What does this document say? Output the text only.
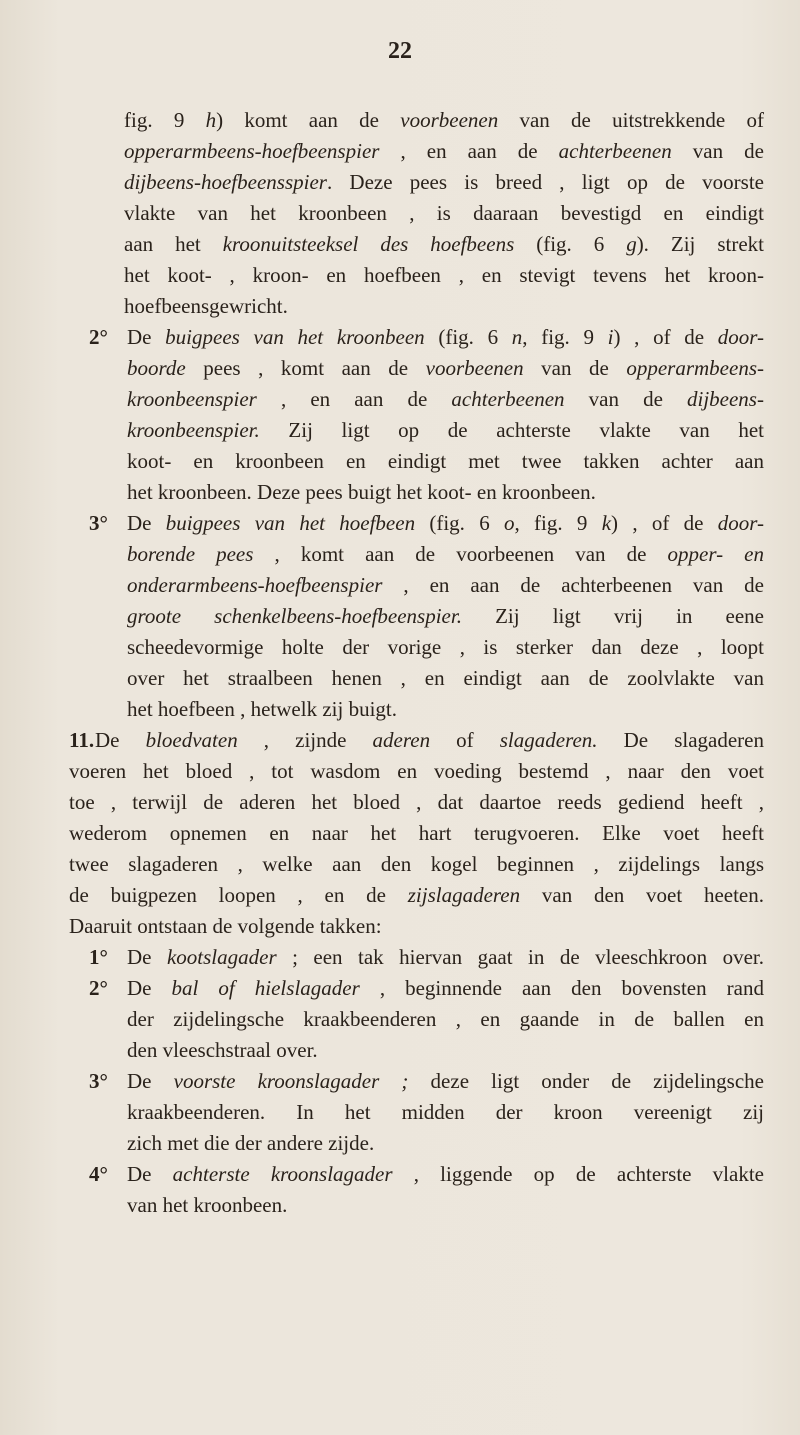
22
fig. 9 h) komt aan de voorbeenen van de uitstrekkende of
opperarmbeens-hoefbeenspier , en aan de achterbeenen van de
dijbeens-hoefbeensspier. Deze pees is breed , ligt op de voorste
vlakte van het kroonbeen , is daaraan bevestigd en eindigt
aan het kroonuitsteeksel des hoefbeens (fig. 6 g). Zij strekt
het koot- , kroon- en hoefbeen , en stevigt tevens het kroon-
hoefbeensgewricht.
2° De buigpees van het kroonbeen (fig. 6 n, fig. 9 i) , of de door-
boorde pees , komt aan de voorbeenen van de opperarmbeens-
kroonbeenspier , en aan de achterbeenen van de dijbeens-
kroonbeenspier. Zij ligt op de achterste vlakte van het
koot- en kroonbeen en eindigt met twee takken achter aan
het kroonbeen. Deze pees buigt het koot- en kroonbeen.
3° De buigpees van het hoefbeen (fig. 6 o, fig. 9 k) , of de door-
borende pees , komt aan de voorbeenen van de opper- en
onderarmbeens-hoefbeenspier , en aan de achterbeenen van de
groote schenkelbeens-hoefbeenspier. Zij ligt vrij in eene
scheedevormige holte der vorige , is sterker dan deze , loopt
over het straalbeen henen , en eindigt aan de zoolvlakte van
het hoefbeen , hetwelk zij buigt.
11. De bloedvaten , zijnde aderen of slagaderen. De slagaderen
voeren het bloed , tot wasdom en voeding bestemd , naar den voet
toe , terwijl de aderen het bloed , dat daartoe reeds gediend heeft ,
wederom opnemen en naar het hart terugvoeren. Elke voet heeft
twee slagaderen , welke aan den kogel beginnen , zijdelings langs
de buigpezen loopen , en de zijslagaderen van den voet heeten.
Daaruit ontstaan de volgende takken:
1° De kootslagader ; een tak hiervan gaat in de vleeschkroon over.
2° De bal of hielslagader , beginnende aan den bovensten rand
der zijdelingsche kraakbeenderen , en gaande in de ballen en
den vleeschstraal over.
3° De voorste kroonslagader ; deze ligt onder de zijdelingsche
kraakbeenderen. In het midden der kroon vereenigt zij
zich met die der andere zijde.
4° De achterste kroonslagader , liggende op de achterste vlakte
van het kroonbeen.
